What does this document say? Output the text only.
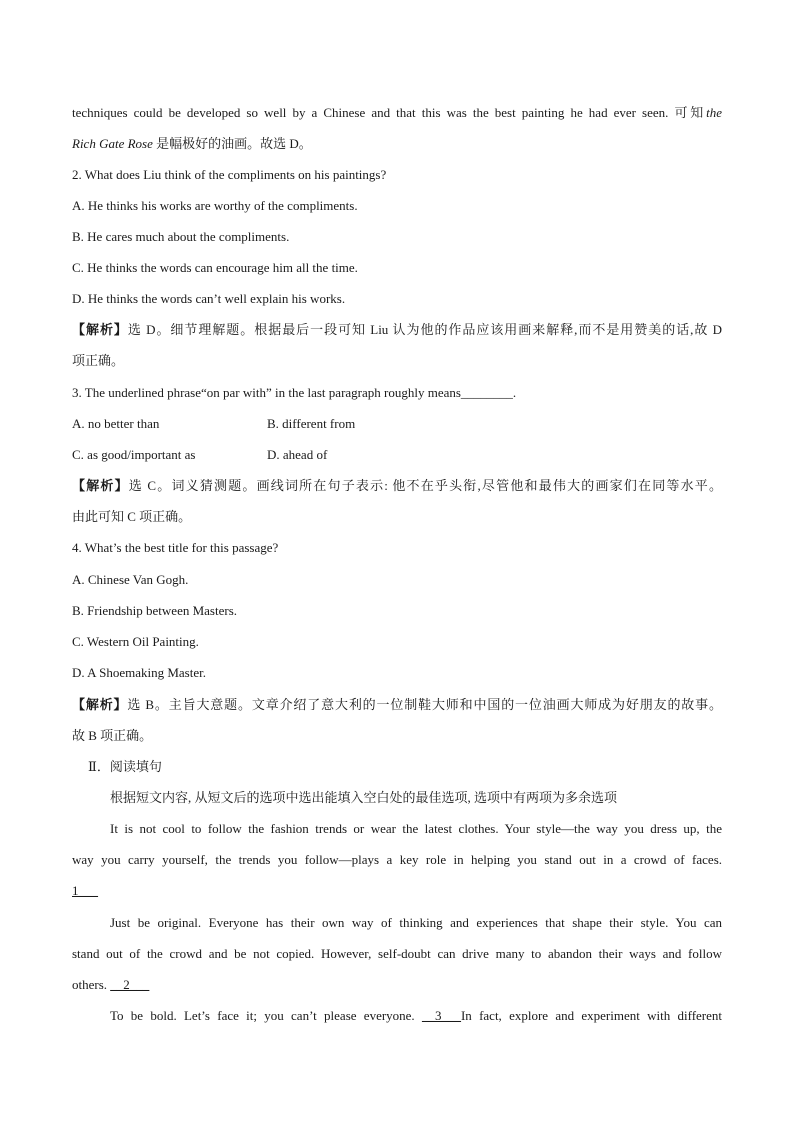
techniques could be developed so well by a Chinese and that this was the best painting he had ever seen. 可知the
Rich Gate Rose 是幅极好的油画。故选 D。
2. What does Liu think of the compliments on his paintings?
A. He thinks his works are worthy of the compliments.
B. He cares much about the compliments.
C. He thinks the words can encourage him all the time.
D. He thinks the words can’t well explain his works.
【解析】选 D。细节理解题。根据最后一段可知 Liu 认为他的作品应该用画来解释,而不是用赞美的话,故 D
项正确。
3. The underlined phrase“on par with” in the last paragraph roughly means________.
A. no better than	B. different from
C. as good/important as	D. ahead of
【解析】选 C。词义猜测题。画线词所在句子表示: 他不在乎头衔,尽管他和最伟大的画家们在同等水平。
由此可知 C 项正确。
4. What’s the best title for this passage?
A. Chinese Van Gogh.
B. Friendship between Masters.
C. Western Oil Painting.
D. A Shoemaking Master.
【解析】选 B。主旨大意题。文章介绍了意大利的一位制鞋大师和中国的一位油画大师成为好朋友的故事。
故 B 项正确。
Ⅱ．阅读填句
根据短文内容, 从短文后的选项中选出能填入空白处的最佳选项, 选项中有两项为多余选项
It is not cool to follow the fashion trends or wear the latest clothes. Your style—the way you dress up, the
way you carry yourself, the trends you follow—plays a key role in helping you stand out in a crowd of faces.
1___
Just be original. Everyone has their own way of thinking and experiences that shape their style. You can
stand out of the crowd and be not copied. However, self-doubt can drive many to abandon their ways and follow
others. __2___
To be bold. Let’s face it; you can’t please everyone. __3___In fact, explore and experiment with different
